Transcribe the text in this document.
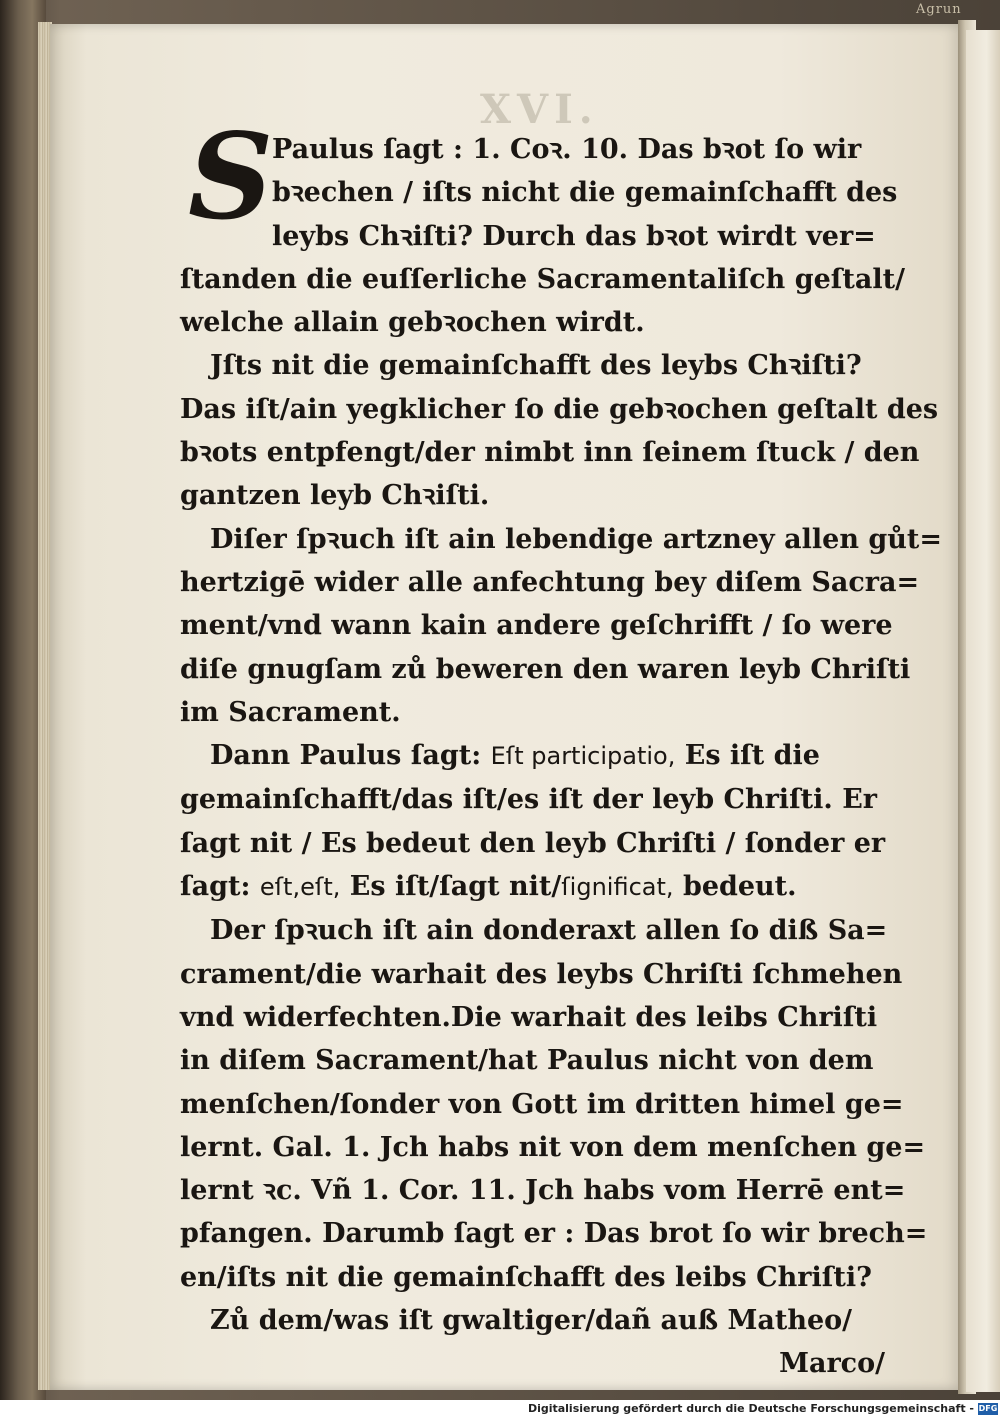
Agrun
XVI.
S
Paulus ſagt : 1. Coꝛ. 10. Das bꝛot ſo wir
bꝛechen / iſts nicht die gemainſchafft des
leybs Chꝛiſti? Durch das bꝛot wirdt ver=
ſtanden die euſſerliche Sacramentaliſch geſtalt/
welche allain gebꝛochen wirdt.
Jſts nit die gemainſchafft des leybs Chꝛiſti?
Das iſt/ain yegklicher ſo die gebꝛochen geſtalt des
bꝛots entpfengt/der nimbt inn ſeinem ſtuck / den
gantzen leyb Chꝛiſti.
Diſer ſpꝛuch iſt ain lebendige artzney allen gůt=
hertzigē wider alle anfechtung bey diſem Sacra=
ment/vnd wann kain andere geſchrifft / ſo were
diſe gnugſam zů beweren den waren leyb Chriſti
im Sacrament.
Dann Paulus ſagt: Eſt participatio, Es iſt die
gemainſchafft/das iſt/es iſt der leyb Chriſti. Er
ſagt nit / Es bedeut den leyb Chriſti / ſonder er
ſagt: eſt,eſt, Es iſt/ſagt nit/ſignificat, bedeut.
Der ſpꝛuch iſt ain donderaxt allen ſo diß Sa=
crament/die warhait des leybs Chriſti ſchmehen
vnd widerfechten.Die warhait des leibs Chriſti
in diſem Sacrament/hat Paulus nicht von dem
menſchen/ſonder von Gott im dritten himel ge=
lernt. Gal. 1. Jch habs nit von dem menſchen ge=
lernt ꝛc. Vñ 1. Cor. 11. Jch habs vom Herrē ent=
pfangen. Darumb ſagt er : Das brot ſo wir brech=
en/iſts nit die gemainſchafft des leibs Chriſti?
Zů dem/was iſt gwaltiger/dañ auß Matheo/
Marco/
Digitalisierung gefördert durch die Deutsche Forschungsgemeinschaft - DFG
